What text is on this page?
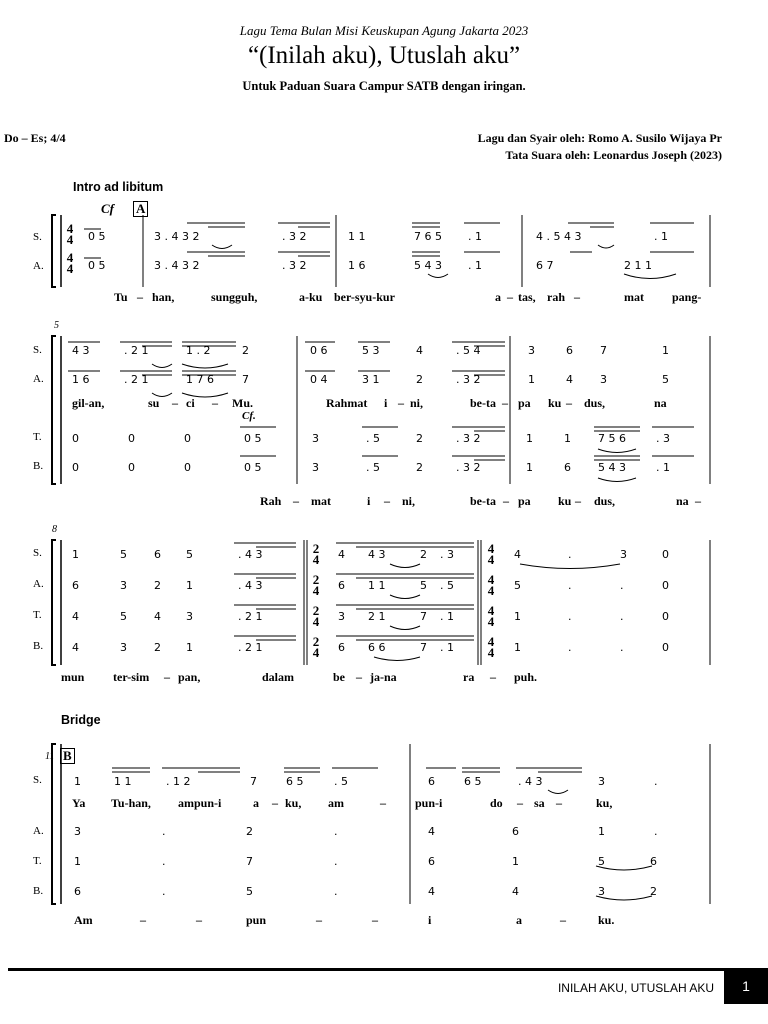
Lagu Tema Bulan Misi Keuskupan Agung Jakarta 2023
“(Inilah aku), Utuslah aku”
Untuk Paduan Suara Campur SATB dengan iringan.
Do – Es; 4/4	Lagu dan Syair oleh: Romo A. Susilo Wijaya Pr
Tata Suara oleh: Leonardus Joseph (2023)
Intro ad libitum
Bridge
Cf A
Cf.
5
8
11 B
4
4
4
4
2
4
2
4
2
4
2
4
4
4
4
4
4
4
4
4
S.
A.
S.
A.
T.
B.
S.
A.
T.
B.
S.
A.
T.
B.
0 5	3 . 4 3 2	. 3 2	1 1	7 6 5 . 1	4 . 5 4 3	. 1
0 5	3 . 4 3 2	. 3 2	1 6	5 4 3 . 1	6 7	2 1 1
Tu – han,	sungguh,	a-ku ber-syu-kur	a – tas, rah –	mat pang-
4 3	. 2 1	1 . 2	2	0 6	5 3	4	. 5 4	3	6 7	1
1 6	. 2 1	1 7 6	7	0 4	3 1	2	. 3 2	1	4 3	5
gil-an,	su – ci – Mu.	Rahmat i – ni,	be-ta – pa ku – dus,	na
0	0	0	0 5	3	. 5	2	. 3 2	1	1 7 5 6	. 3
0	0	0	0 5	3	. 5	2	. 3 2	1	6 5 4 3	. 1
Rah – mat	i – ni,	be-ta – pa ku – dus,	na –
1	5 6 5	. 4 3	4 4 3	2 . 3	4	.	3	0
6	3 2 1	. 4 3	6 1 1	5 . 5	5	.	.	0
4	5 4 3	. 2 1	3 2 1	7 . 1	1	.	.	0
4	3 2 1	. 2 1	6 6 6	7 . 1	1	.	.	0
mun ter-sim – pan,	dalam	be – ja-na	ra – puh.
1	1 1	. 1 2	7	6 5	. 5	6	6 5	. 4 3	3	.
Ya Tu-han, ampun-i	a – ku, am	– pun-i	do – sa –	ku,
3	.	2	.	4	6	1	.
1	.	7	.	6	1	5	6
6	.	5	.	4	4	3	2
Am	–	–	pun	–	–	i	a	–	ku.
INILAH AKU, UTUSLAH AKU	1
